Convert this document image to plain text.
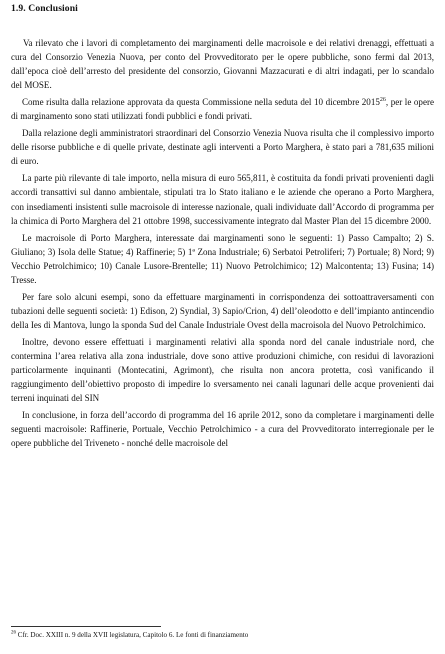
1.9. Conclusioni

Va rilevato che i lavori di completamento dei marginamenti delle macroisole e dei relativi drenaggi, effettuati a cura del Consorzio Venezia Nuova, per conto del Provveditorato per le opere pubbliche, sono fermi dal 2013, dall’epoca cioè dell’arresto del presidente del consorzio, Giovanni Mazzacurati e di altri indagati, per lo scandalo del MOSE.

Come risulta dalla relazione approvata da questa Commissione nella seduta del 10 dicembre 2015$^{26}$, per le opere di marginamento sono stati utilizzati fondi pubblici e fondi privati.

Dalla relazione degli amministratori straordinari del Consorzio Venezia Nuova risulta che il complessivo importo delle risorse pubbliche e di quelle private, destinate agli interventi a Porto Marghera, è stato pari a 781,635 milioni di euro.

La parte più rilevante di tale importo, nella misura di euro 565,811, è costituita da fondi privati provenienti dagli accordi transattivi sul danno ambientale, stipulati tra lo Stato italiano e le aziende che operano a Porto Marghera, con insediamenti insistenti sulle macroisole di interesse nazionale, quali individuate dall’Accordo di programma per la chimica di Porto Marghera del 21 ottobre 1998, successivamente integrato dal Master Plan del 15 dicembre 2000.

Le macroisole di Porto Marghera, interessate dai marginamenti sono le seguenti: 1) Passo Campalto; 2) S. Giuliano; 3) Isola delle Statue; 4) Raffinerie; 5) 1ª Zona Industriale; 6) Serbatoi Petroliferi; 7) Portuale; 8) Nord; 9) Vecchio Petrolchimico; 10) Canale Lusore-Brentelle; 11) Nuovo Petrolchimico; 12) Malcontenta; 13) Fusina; 14) Tresse.

Per fare solo alcuni esempi, sono da effettuare marginamenti in corrispondenza dei sottoattraversamenti con tubazioni delle seguenti società: 1) Edison, 2) Syndial, 3) Sapio/Crion, 4) dell’oleodotto e dell’impianto antincendio della Ies di Mantova, lungo la sponda Sud del Canale Industriale Ovest della macroisola del Nuovo Petrolchimico.

Inoltre, devono essere effettuati i marginamenti relativi alla sponda nord del canale industriale nord, che contermina l’area relativa alla zona industriale, dove sono attive produzioni chimiche, con residui di lavorazioni particolarmente inquinanti (Montecatini, Agrimont), che risulta non ancora protetta, così vanificando il raggiungimento dell’obiettivo proposto di impedire lo sversamento nei canali lagunari delle acque provenienti dai terreni inquinati del SIN

In conclusione, in forza dell’accordo di programma del 16 aprile 2012, sono da completare i marginamenti delle seguenti macroisole: Raffinerie, Portuale, Vecchio Petrolchimico - a cura del Provveditorato interregionale per le opere pubbliche del Triveneto - nonché delle macroisole del

$^{26}$ Cfr. Doc. XXIII n. 9 della XVII legislatura, Capitolo 6. Le fonti di finanziamento
